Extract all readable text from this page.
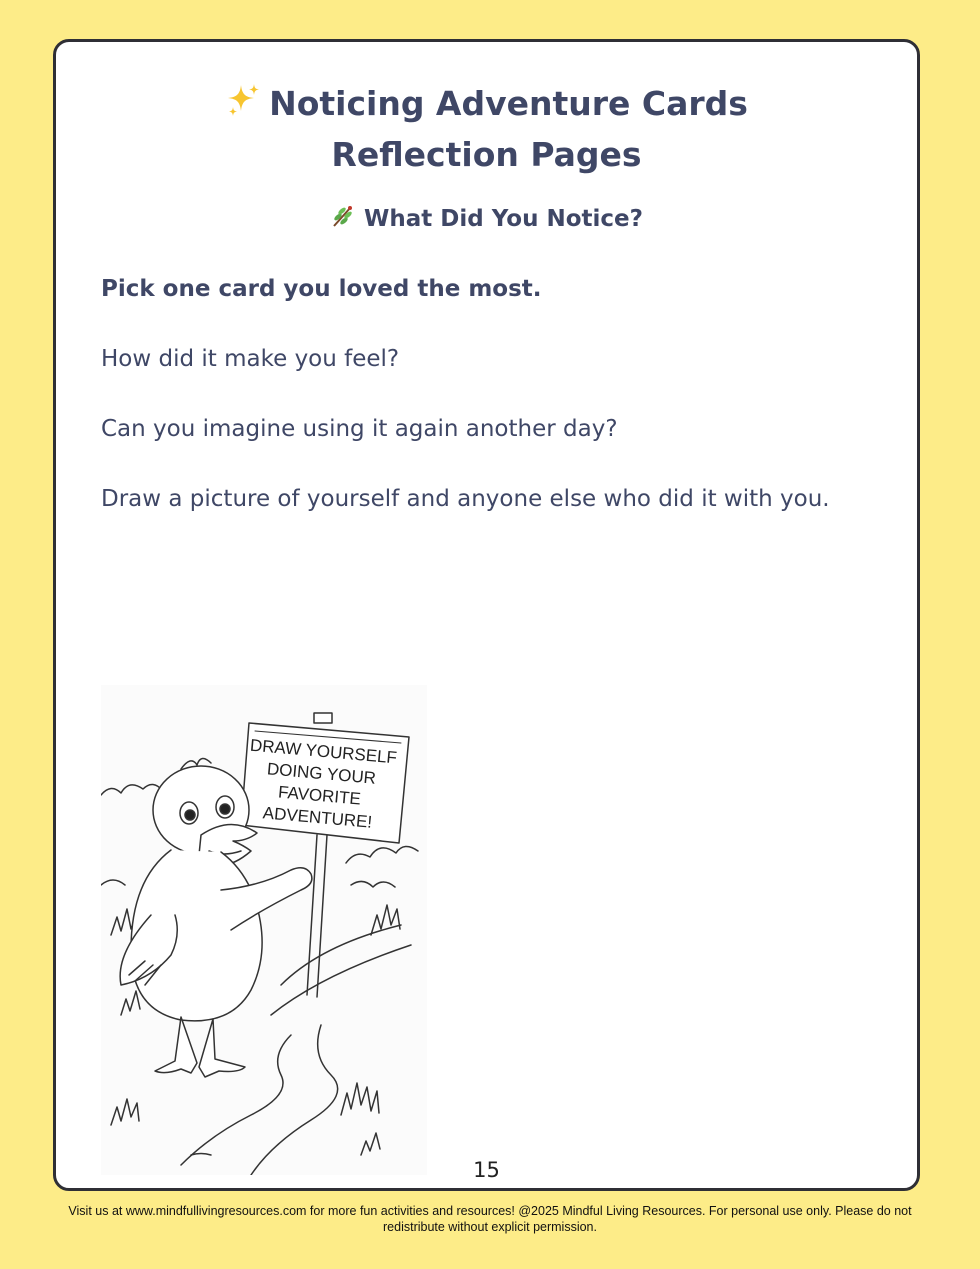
Noticing Adventure Cards
Reflection Pages
What Did You Notice?
Pick one card you loved the most.
How did it make you feel?
Can you imagine using it again another day?
Draw a picture of yourself and anyone else who did it with you.
DRAW YOURSELF
DOING YOUR
FAVORITE
ADVENTURE!
15
Visit us at www.mindfullivingresources.com for more fun activities and resources! @2025 Mindful Living Resources. For personal use only. Please do not redistribute without explicit permission.
